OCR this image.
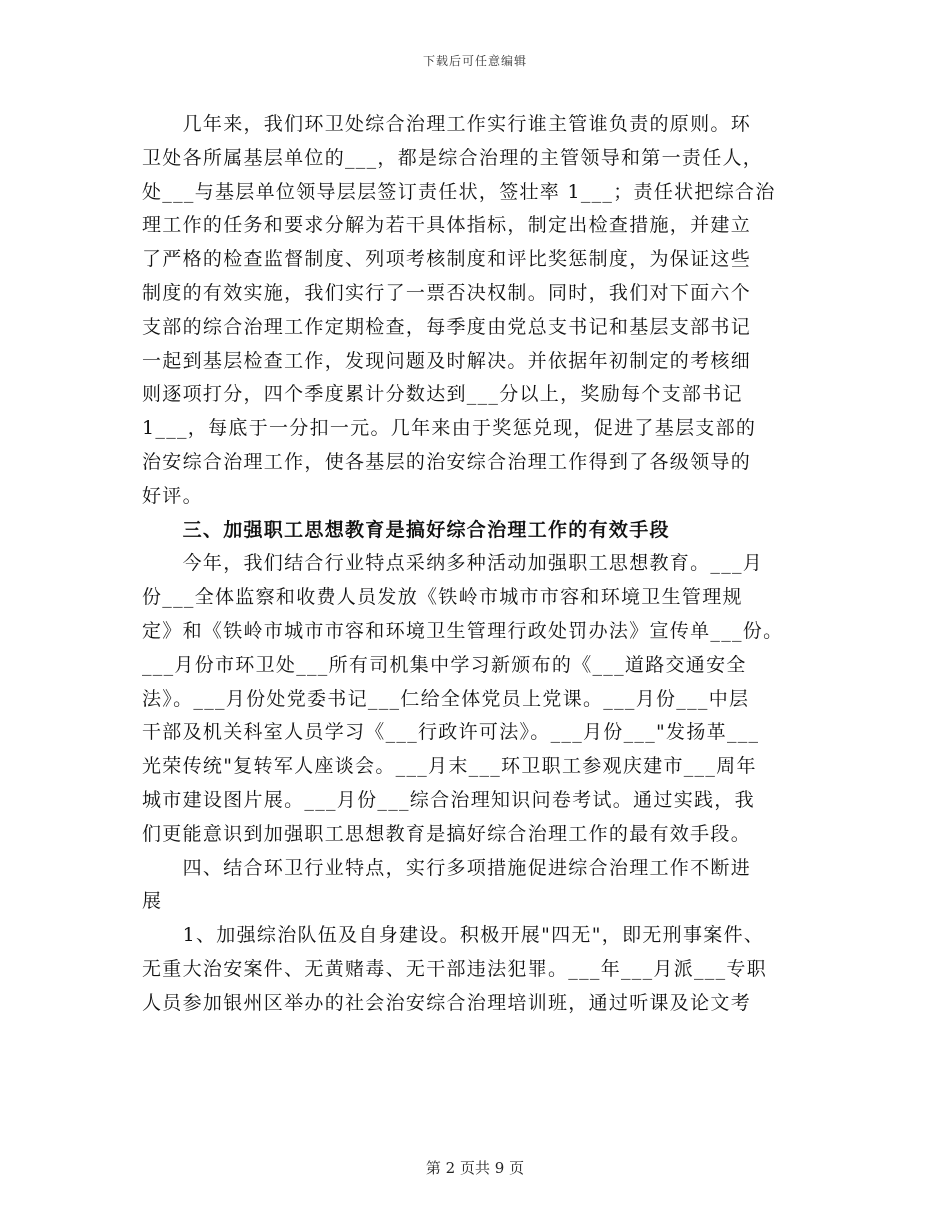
下载后可任意编辑
　　几年来，我们环卫处综合治理工作实行谁主管谁负责的原则。环
卫处各所属基层单位的___，都是综合治理的主管领导和第一责任人，
处___与基层单位领导层层签订责任状，签壮率 1___；责任状把综合治
理工作的任务和要求分解为若干具体指标，制定出检查措施，并建立
了严格的检查监督制度、列项考核制度和评比奖惩制度，为保证这些
制度的有效实施，我们实行了一票否决权制。同时，我们对下面六个
支部的综合治理工作定期检查，每季度由党总支书记和基层支部书记
一起到基层检查工作，发现问题及时解决。并依据年初制定的考核细
则逐项打分，四个季度累计分数达到___分以上，奖励每个支部书记
1___，每底于一分扣一元。几年来由于奖惩兑现，促进了基层支部的
治安综合治理工作，使各基层的治安综合治理工作得到了各级领导的
好评。
　　三、加强职工思想教育是搞好综合治理工作的有效手段
　　今年，我们结合行业特点采纳多种活动加强职工思想教育。___月
份___全体监察和收费人员发放《铁岭市城市市容和环境卫生管理规
定》和《铁岭市城市市容和环境卫生管理行政处罚办法》宣传单___份。
___月份市环卫处___所有司机集中学习新颁布的《___道路交通安全
法》。___月份处党委书记___仁给全体党员上党课。___月份___中层
干部及机关科室人员学习《___行政许可法》。___月份___"发扬革___
光荣传统"复转军人座谈会。___月末___环卫职工参观庆建市___周年
城市建设图片展。___月份___综合治理知识问卷考试。通过实践，我
们更能意识到加强职工思想教育是搞好综合治理工作的最有效手段。
　　四、结合环卫行业特点，实行多项措施促进综合治理工作不断进
展
　　1、加强综治队伍及自身建设。积极开展"四无"，即无刑事案件、
无重大治安案件、无黄赌毒、无干部违法犯罪。___年___月派___专职
人员参加银州区举办的社会治安综合治理培训班，通过听课及论文考
第 2 页共 9 页
